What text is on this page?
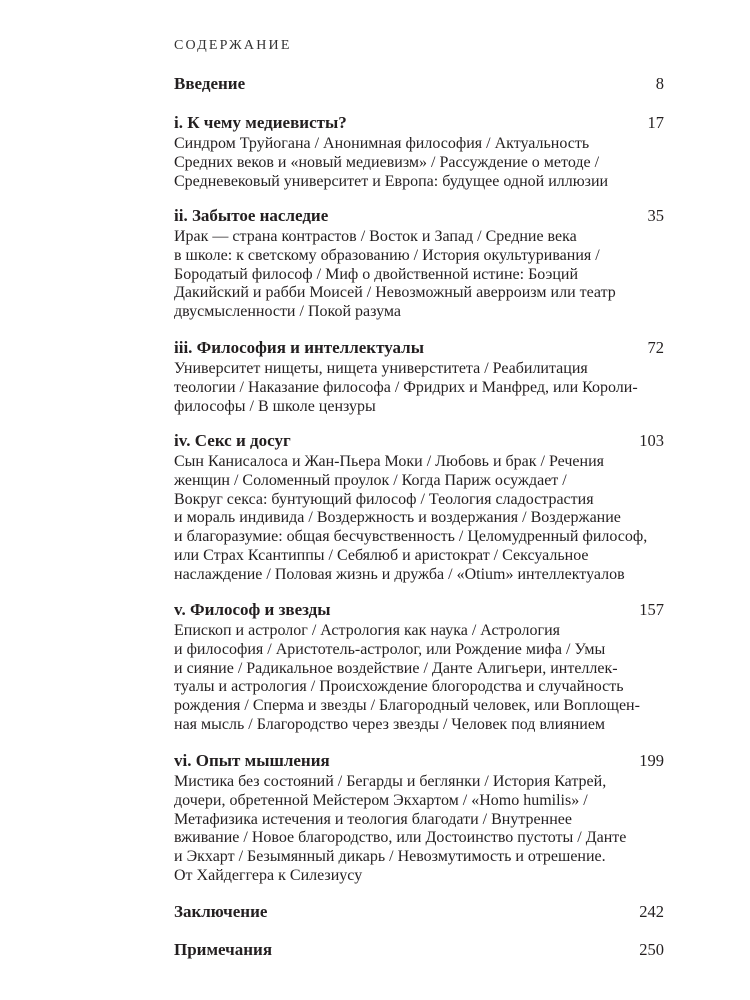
СОДЕРЖАНИЕ
Введение	8
i. К чему медиевисты?	17
Синдром Труйогана / Анонимная философия / Актуальность
Средних веков и «новый медиевизм» / Рассуждение о методе /
Средневековый университет и Европа: будущее одной иллюзии
ii. Забытое наследие	35
Ирак — страна контрастов / Восток и Запад / Средние века
в школе: к светскому образованию / История окультуривания /
Бородатый философ / Миф о двойственной истине: Боэций
Дакийский и рабби Моисей / Невозможный аверроизм или театр
двусмысленности / Покой разума
iii. Философия и интеллектуалы	72
Университет нищеты, нищета универститета / Реабилитация
теологии / Наказание философа / Фридрих и Манфред, или Короли-
философы / В школе цензуры
iv. Секс и досуг	103
Сын Канисалоса и Жан-Пьера Моки / Любовь и брак / Речения
женщин / Соломенный проулок / Когда Париж осуждает /
Вокруг секса: бунтующий философ / Теология сладострастия
и мораль индивида / Воздержность и воздержания / Воздержание
и благоразумие: общая бесчувственность / Целомудренный философ,
или Страх Ксантиппы / Себялюб и аристократ / Сексуальное
наслаждение / Половая жизнь и дружба / «Otium» интеллектуалов
v. Философ и звезды	157
Епископ и астролог / Астрология как наука / Астрология
и философия / Аристотель-астролог, или Рождение мифа / Умы
и сияние / Радикальное воздействие / Данте Алигьери, интеллек-
туалы и астрология / Происхождение блогородства и случайность
рождения / Сперма и звезды / Благородный человек, или Воплощен-
ная мысль / Благородство через звезды / Человек под влиянием
vi. Опыт мышления	199
Мистика без состояний / Бегарды и беглянки / История Катрей,
дочери, обретенной Мейстером Экхартом / «Homo humilis» /
Метафизика истечения и теология благодати / Внутреннее
вживание / Новое благородство, или Достоинство пустоты / Данте
и Экхарт / Безымянный дикарь / Невозмутимость и отрешение.
От Хайдеггера к Силезиусу
Заключение	242
Примечания	250
